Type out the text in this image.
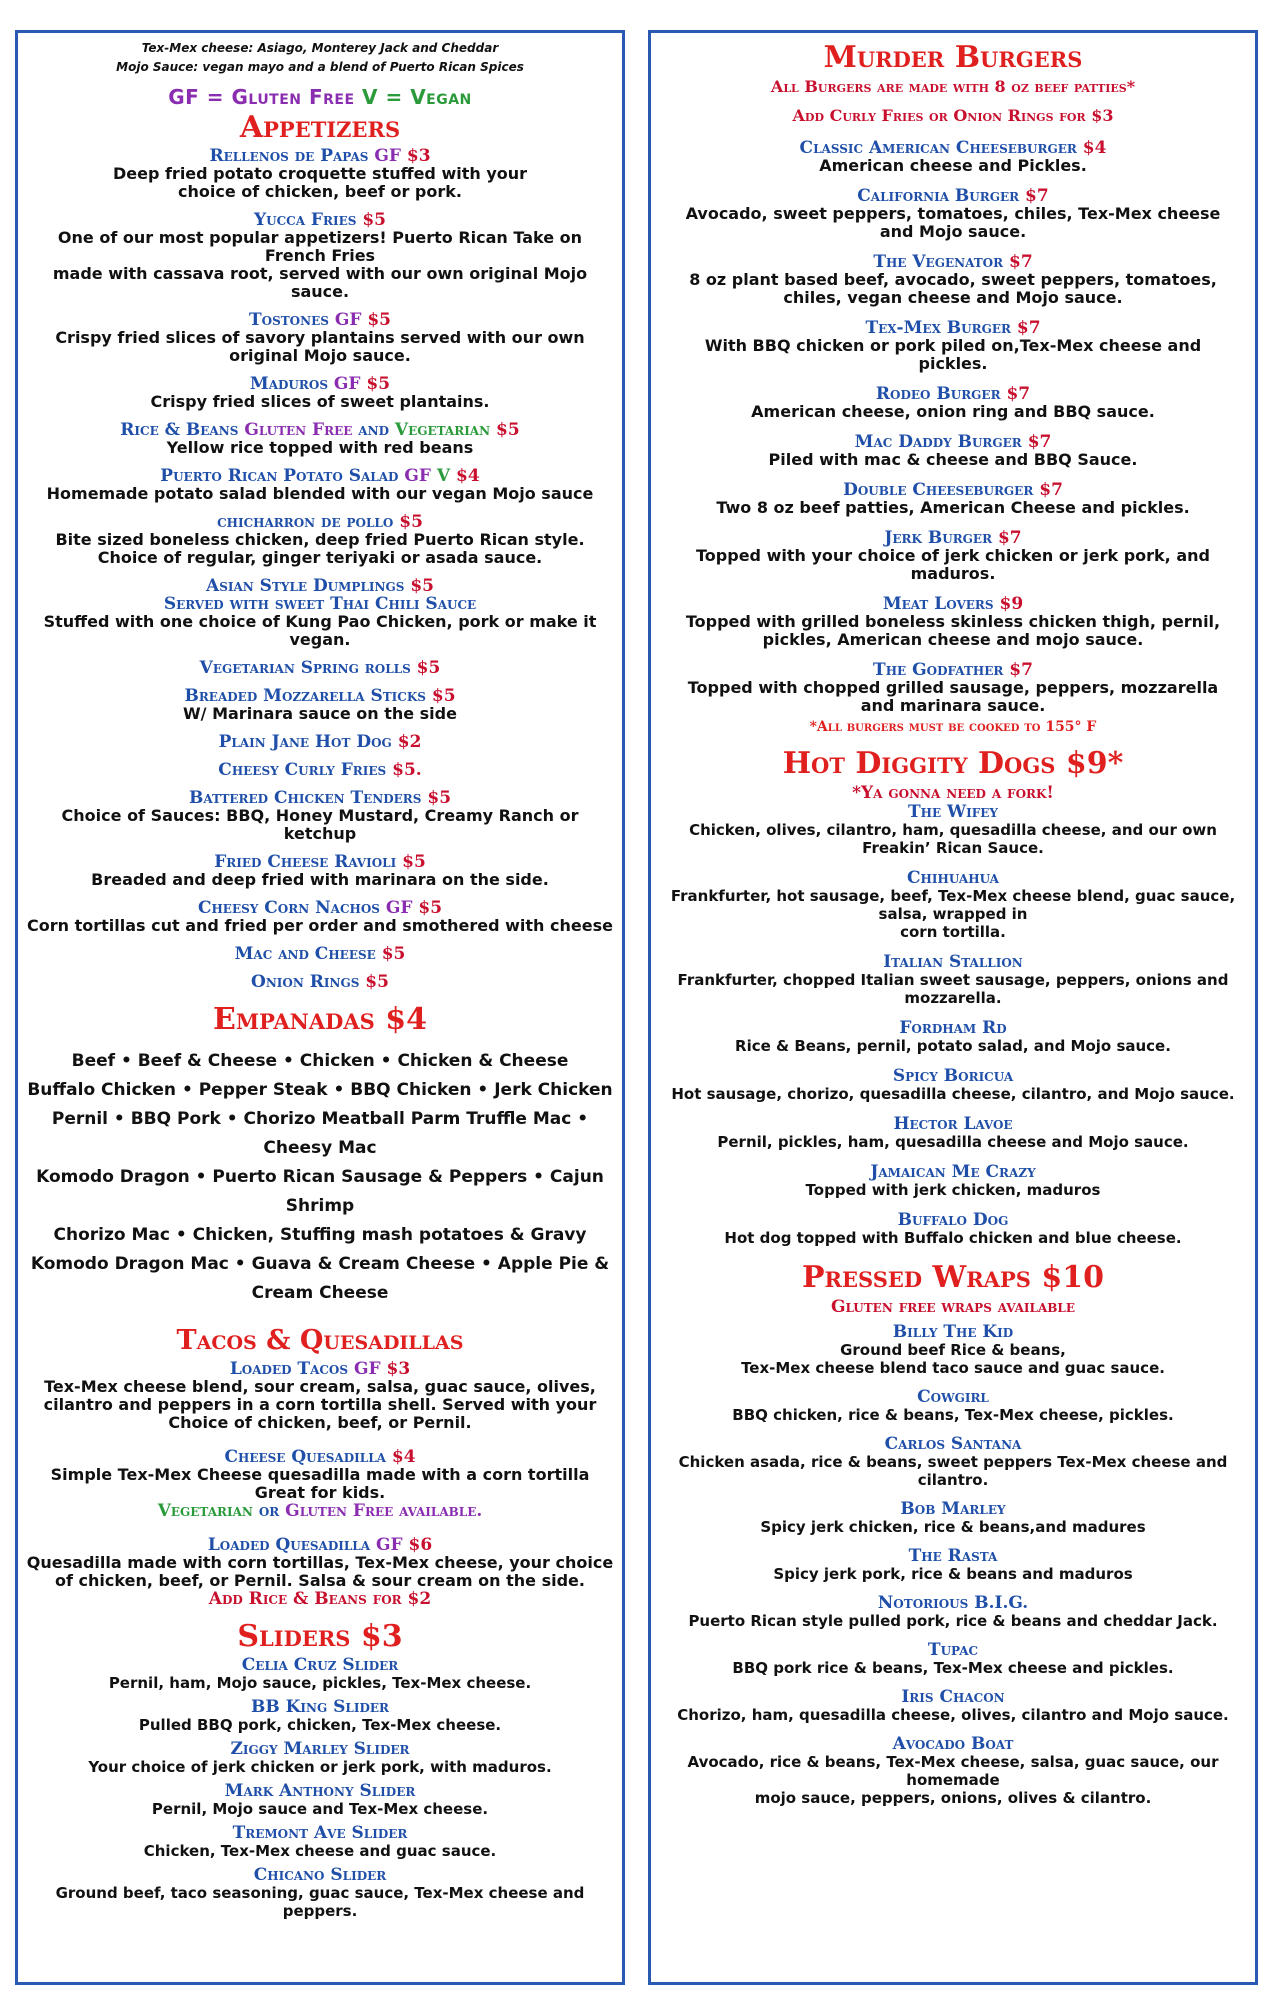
Tex-Mex cheese: Asiago, Monterey Jack and Cheddar
Mojo Sauce: vegan mayo and a blend of Puerto Rican Spices
GF = Gluten Free V = Vegan
Appetizers
Rellenos de Papas GF $3
Deep fried potato croquette stuffed with your
choice of chicken, beef or pork.
Yucca Fries $5
One of our most popular appetizers! Puerto Rican Take on French Fries
made with cassava root, served with our own original Mojo sauce.
Tostones GF $5
Crispy fried slices of savory plantains served with our own original Mojo sauce.
Maduros GF $5
Crispy fried slices of sweet plantains.
Rice & Beans Gluten Free and Vegetarian $5
Yellow rice topped with red beans
Puerto Rican Potato Salad GF V $4
Homemade potato salad blended with our vegan Mojo sauce
chicharron de pollo $5
Bite sized boneless chicken, deep fried Puerto Rican style.
Choice of regular, ginger teriyaki or asada sauce.
Asian Style Dumplings $5
Served with sweet Thai Chili Sauce
Stuffed with one choice of Kung Pao Chicken, pork or make it vegan.
Vegetarian Spring rolls $5
Breaded Mozzarella Sticks $5
W/ Marinara sauce on the side
Plain Jane Hot Dog $2
Cheesy Curly Fries $5.
Battered Chicken Tenders $5
Choice of Sauces: BBQ, Honey Mustard, Creamy Ranch or ketchup
Fried Cheese Ravioli $5
Breaded and deep fried with marinara on the side.
Cheesy Corn Nachos GF $5
Corn tortillas cut and fried per order and smothered with cheese
Mac and Cheese $5
Onion Rings $5
Empanadas $4
Beef • Beef & Cheese • Chicken • Chicken & Cheese
Buffalo Chicken • Pepper Steak • BBQ Chicken • Jerk Chicken
Pernil • BBQ Pork • Chorizo Meatball Parm Truffle Mac • Cheesy Mac
Komodo Dragon • Puerto Rican Sausage & Peppers • Cajun Shrimp
Chorizo Mac • Chicken, Stuffing mash potatoes & Gravy
Komodo Dragon Mac • Guava & Cream Cheese • Apple Pie & Cream Cheese
Tacos & Quesadillas
Loaded Tacos GF $3
Tex-Mex cheese blend, sour cream, salsa, guac sauce, olives,
cilantro and peppers in a corn tortilla shell. Served with your
Choice of chicken, beef, or Pernil.
Cheese Quesadilla $4
Simple Tex-Mex Cheese quesadilla made with a corn tortilla
Great for kids.
Vegetarian or Gluten Free available.
Loaded Quesadilla GF $6
Quesadilla made with corn tortillas, Tex-Mex cheese, your choice
of chicken, beef, or Pernil. Salsa & sour cream on the side.
Add Rice & Beans for $2
Sliders $3
Celia Cruz Slider
Pernil, ham, Mojo sauce, pickles, Tex-Mex cheese.
BB King Slider
Pulled BBQ pork, chicken, Tex-Mex cheese.
Ziggy Marley Slider
Your choice of jerk chicken or jerk pork, with maduros.
Mark Anthony Slider
Pernil, Mojo sauce and Tex-Mex cheese.
Tremont Ave Slider
Chicken, Tex-Mex cheese and guac sauce.
Chicano Slider
Ground beef, taco seasoning, guac sauce, Tex-Mex cheese and peppers.
Murder Burgers
All Burgers are made with 8 oz beef patties*
Add Curly Fries or Onion Rings for $3
Classic American Cheeseburger $4
American cheese and Pickles.
California Burger $7
Avocado, sweet peppers, tomatoes, chiles, Tex-Mex cheese
and Mojo sauce.
The Vegenator $7
8 oz plant based beef, avocado, sweet peppers, tomatoes,
chiles, vegan cheese and Mojo sauce.
Tex-Mex Burger $7
With BBQ chicken or pork piled on,Tex-Mex cheese and
pickles.
Rodeo Burger $7
American cheese, onion ring and BBQ sauce.
Mac Daddy Burger $7
Piled with mac & cheese and BBQ Sauce.
Double Cheeseburger $7
Two 8 oz beef patties, American Cheese and pickles.
Jerk Burger $7
Topped with your choice of jerk chicken or jerk pork, and
maduros.
Meat Lovers $9
Topped with grilled boneless skinless chicken thigh, pernil,
pickles, American cheese and mojo sauce.
The Godfather $7
Topped with chopped grilled sausage, peppers, mozzarella
and marinara sauce.
*All burgers must be cooked to 155° F
Hot Diggity Dogs $9*
*Ya gonna need a fork!
The Wifey
Chicken, olives, cilantro, ham, quesadilla cheese, and our own Freakin’ Rican Sauce.
Chihuahua
Frankfurter, hot sausage, beef, Tex-Mex cheese blend, guac sauce, salsa, wrapped in
corn tortilla.
Italian Stallion
Frankfurter, chopped Italian sweet sausage, peppers, onions and mozzarella.
Fordham Rd
Rice & Beans, pernil, potato salad, and Mojo sauce.
Spicy Boricua
Hot sausage, chorizo, quesadilla cheese, cilantro, and Mojo sauce.
Hector Lavoe
Pernil, pickles, ham, quesadilla cheese and Mojo sauce.
Jamaican Me Crazy
Topped with jerk chicken, maduros
Buffalo Dog
Hot dog topped with Buffalo chicken and blue cheese.
Pressed Wraps $10
Gluten free wraps available
Billy The Kid
Ground beef Rice & beans,
Tex-Mex cheese blend taco sauce and guac sauce.
Cowgirl
BBQ chicken, rice & beans, Tex-Mex cheese, pickles.
Carlos Santana
Chicken asada, rice & beans, sweet peppers Tex-Mex cheese and cilantro.
Bob Marley
Spicy jerk chicken, rice & beans,and madures
The Rasta
Spicy jerk pork, rice & beans and maduros
Notorious B.I.G.
Puerto Rican style pulled pork, rice & beans and cheddar Jack.
Tupac
BBQ pork rice & beans, Tex-Mex cheese and pickles.
Iris Chacon
Chorizo, ham, quesadilla cheese, olives, cilantro and Mojo sauce.
Avocado Boat
Avocado, rice & beans, Tex-Mex cheese, salsa, guac sauce, our homemade
mojo sauce, peppers, onions, olives & cilantro.
